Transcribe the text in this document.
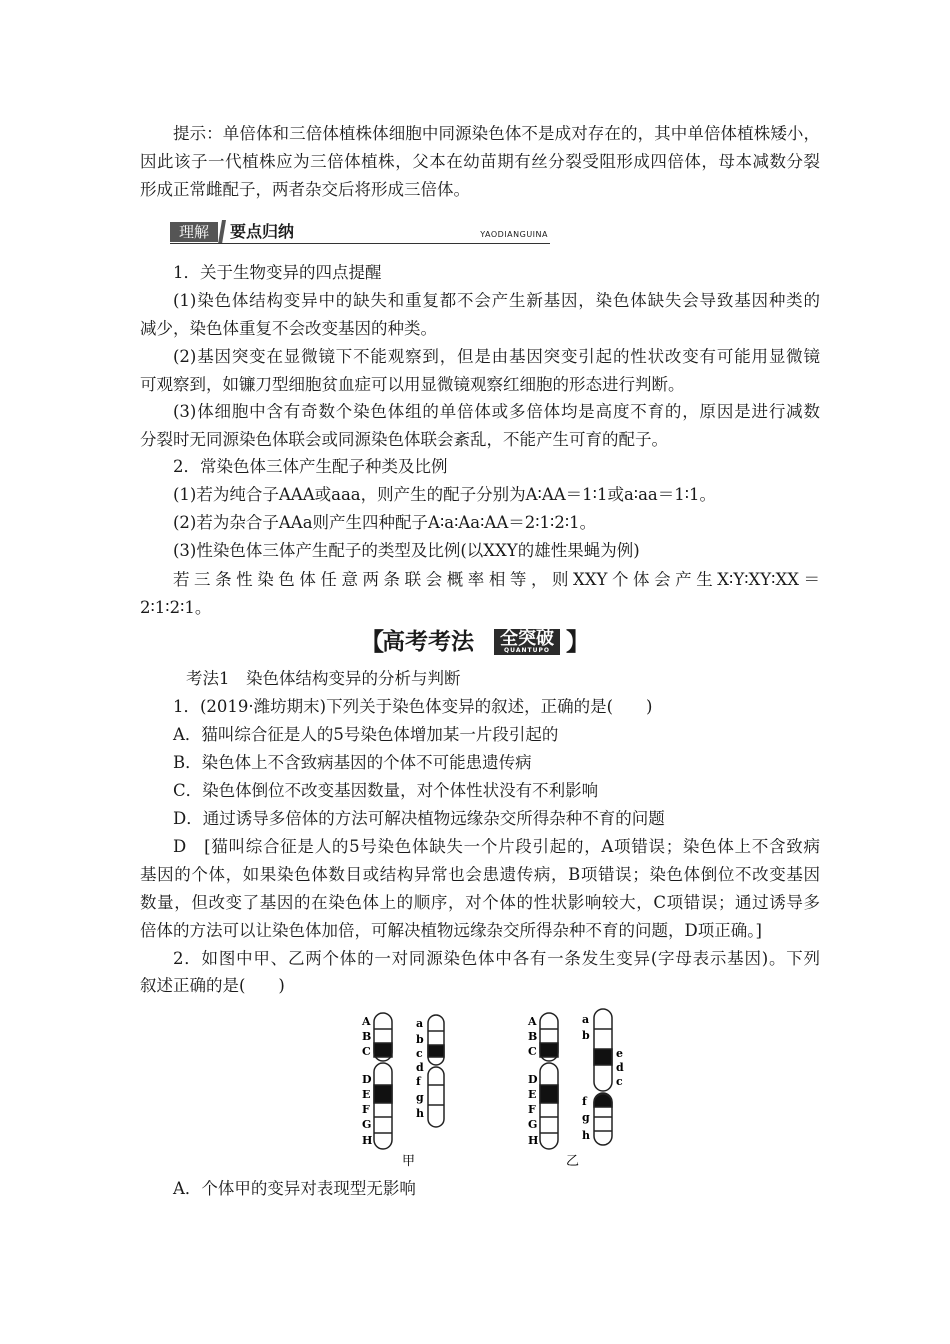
提示：单倍体和三倍体植株体细胞中同源染色体不是成对存在的，其中单倍体植株矮小，

因此该子一代植株应为三倍体植株，父本在幼苗期有丝分裂受阻形成四倍体，母本减数分裂

形成正常雌配子，两者杂交后将形成三倍体。

理解	要点归纳	YAODIANGUINA

1．关于生物变异的四点提醒

(1)染色体结构变异中的缺失和重复都不会产生新基因，染色体缺失会导致基因种类的

减少，染色体重复不会改变基因的种类。

(2)基因突变在显微镜下不能观察到，但是由基因突变引起的性状改变有可能用显微镜

可观察到，如镰刀型细胞贫血症可以用显微镜观察红细胞的形态进行判断。

(3)体细胞中含有奇数个染色体组的单倍体或多倍体均是高度不育的，原因是进行减数

分裂时无同源染色体联会或同源染色体联会紊乱，不能产生可育的配子。

2．常染色体三体产生配子种类及比例

(1)若为纯合子AAA或aaa，则产生的配子分别为A∶AA＝1∶1或a∶aa＝1∶1。

(2)若为杂合子AAa则产生四种配子A∶a∶Aa∶AA＝2∶1∶2∶1。

(3)性染色体三体产生配子的类型及比例(以XXY的雄性果蝇为例)

若三条性染色体任意两条联会概率相等，则XXY个体会产生X∶Y∶XY∶XX＝

2∶1∶2∶1。

【
高考考法	全突破
QUANTUPO 】

考法1　染色体结构变异的分析与判断

1．(2019·潍坊期末)下列关于染色体变异的叙述，正确的是(　　)

A．猫叫综合征是人的5号染色体增加某一片段引起的

B．染色体上不含致病基因的个体不可能患遗传病

C．染色体倒位不改变基因数量，对个体性状没有不利影响

D．通过诱导多倍体的方法可解决植物远缘杂交所得杂种不育的问题

D　[猫叫综合征是人的5号染色体缺失一个片段引起的，A项错误；染色体上不含致病

基因的个体，如果染色体数目或结构异常也会患遗传病，B项错误；染色体倒位不改变基因

数量，但改变了基因的在染色体上的顺序，对个体的性状影响较大，C项错误；通过诱导多

倍体的方法可以让染色体加倍，可解决植物远缘杂交所得杂种不育的问题，D项正确。]

2．如图中甲、乙两个体的一对同源染色体中各有一条发生变异(字母表示基因)。下列

叙述正确的是(　　)

A
B
C
D
E
F
G
H
a
b
c
d
f
g
h
甲
A
B
C
D
E
F
G
H
a
b
e
d
c
f
g
h
乙

A．个体甲的变异对表现型无影响
